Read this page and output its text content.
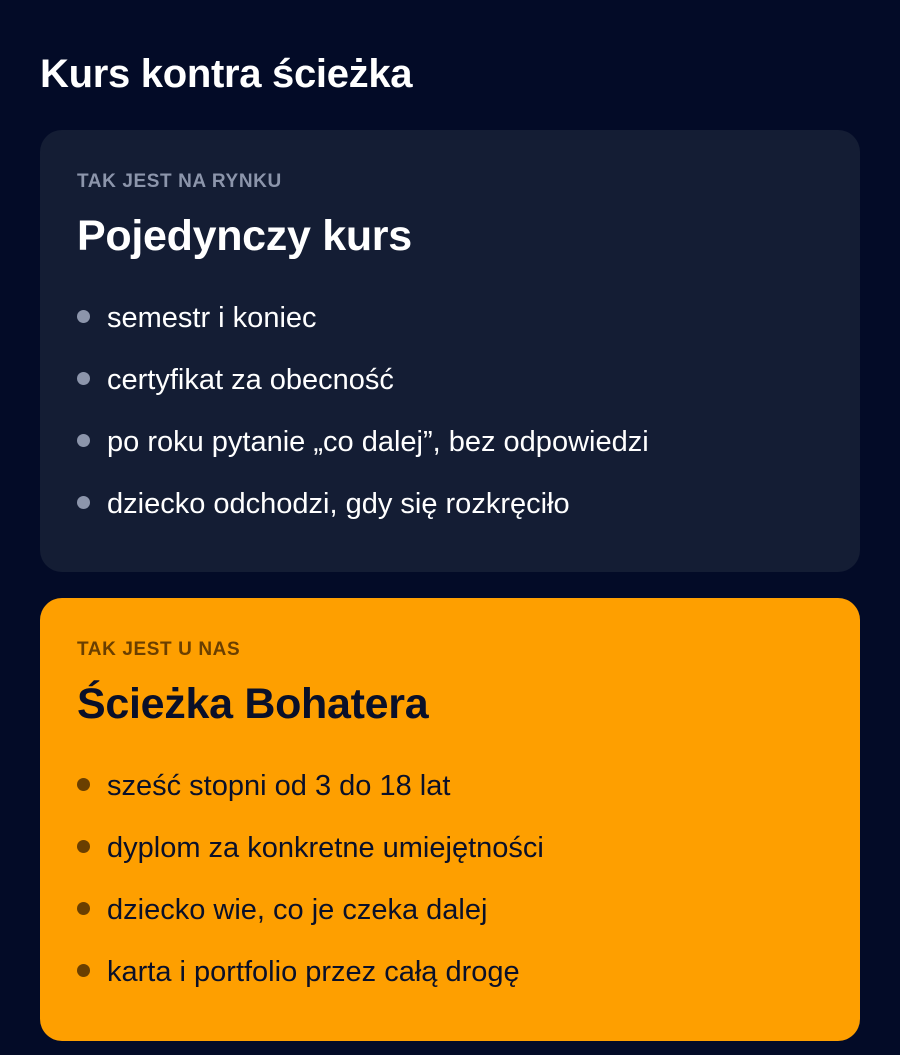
Kurs kontra ścieżka

TAK JEST NA RYNKU

Pojedynczy kurs
semestr i koniec
certyfikat za obecność
po roku pytanie „co dalej”, bez odpowiedzi
dziecko odchodzi, gdy się rozkręciło

TAK JEST U NAS

Ścieżka Bohatera
sześć stopni od 3 do 18 lat
dyplom za konkretne umiejętności
dziecko wie, co je czeka dalej
karta i portfolio przez całą drogę
